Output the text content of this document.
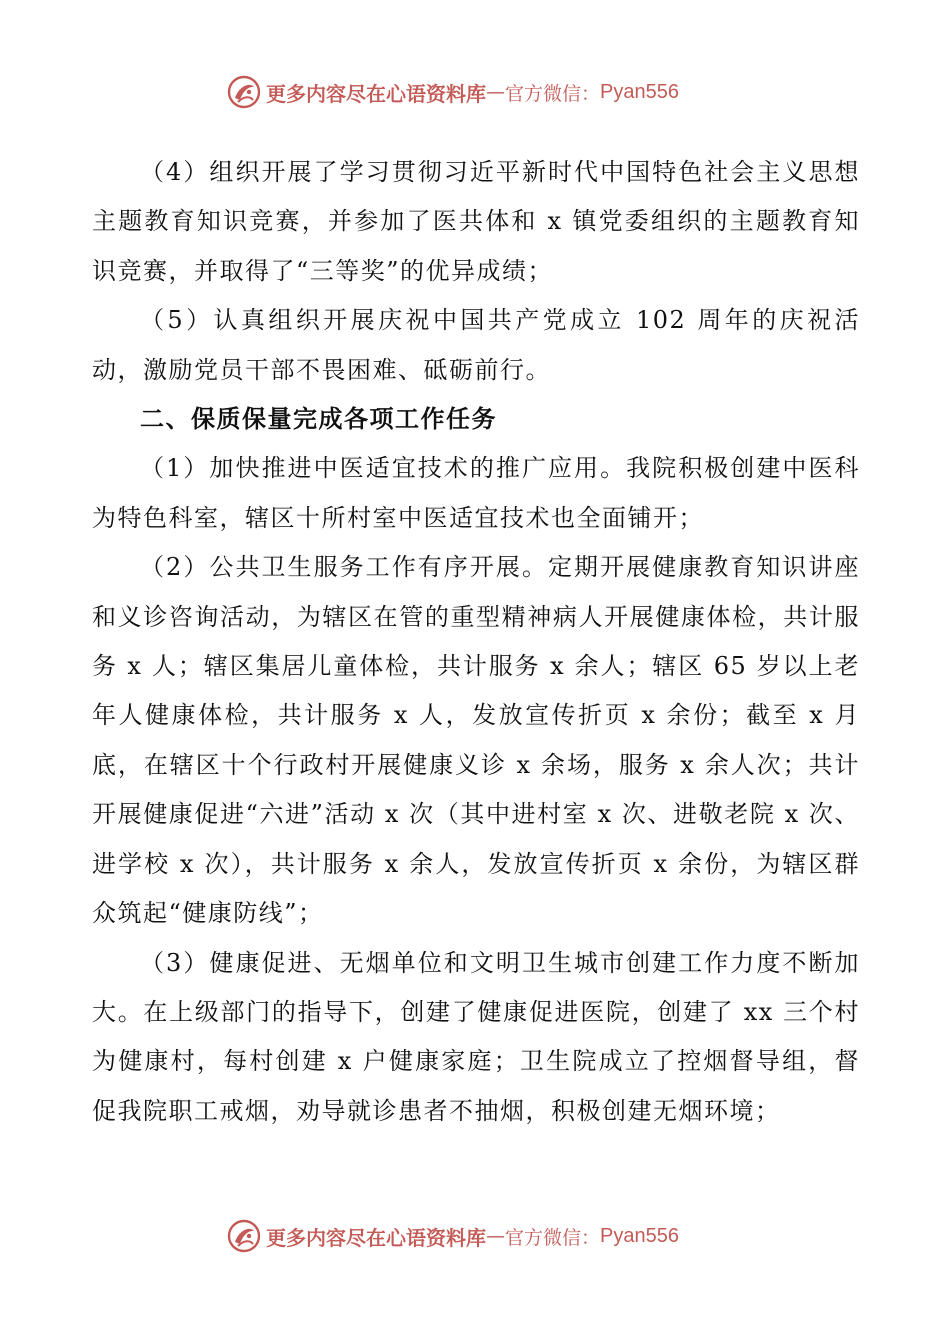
更多内容尽在心语资料库 — 官方微信： Pyan556

（4）组织开展了学习贯彻习近平新时代中国特色社会主义思想主题教育知识竞赛，并参加了医共体和 x 镇党委组织的主题教育知识竞赛，并取得了“三等奖”的优异成绩；

（5）认真组织开展庆祝中国共产党成立 102 周年的庆祝活动，激励党员干部不畏困难、砥砺前行。

二、保质保量完成各项工作任务

（1）加快推进中医适宜技术的推广应用。我院积极创建中医科为特色科室，辖区十所村室中医适宜技术也全面铺开；

（2）公共卫生服务工作有序开展。定期开展健康教育知识讲座和义诊咨询活动，为辖区在管的重型精神病人开展健康体检，共计服务 x 人；辖区集居儿童体检，共计服务 x 余人；辖区 65 岁以上老年人健康体检，共计服务 x 人，发放宣传折页 x 余份；截至 x 月底，在辖区十个行政村开展健康义诊 x 余场，服务 x 余人次；共计开展健康促进“六进”活动 x 次（其中进村室 x 次、进敬老院 x 次、进学校 x 次），共计服务 x 余人，发放宣传折页 x 余份，为辖区群众筑起“健康防线”；

（3）健康促进、无烟单位和文明卫生城市创建工作力度不断加大。在上级部门的指导下，创建了健康促进医院，创建了 xx 三个村为健康村，每村创建 x 户健康家庭；卫生院成立了控烟督导组，督促我院职工戒烟，劝导就诊患者不抽烟，积极创建无烟环境；

更多内容尽在心语资料库 — 官方微信： Pyan556
